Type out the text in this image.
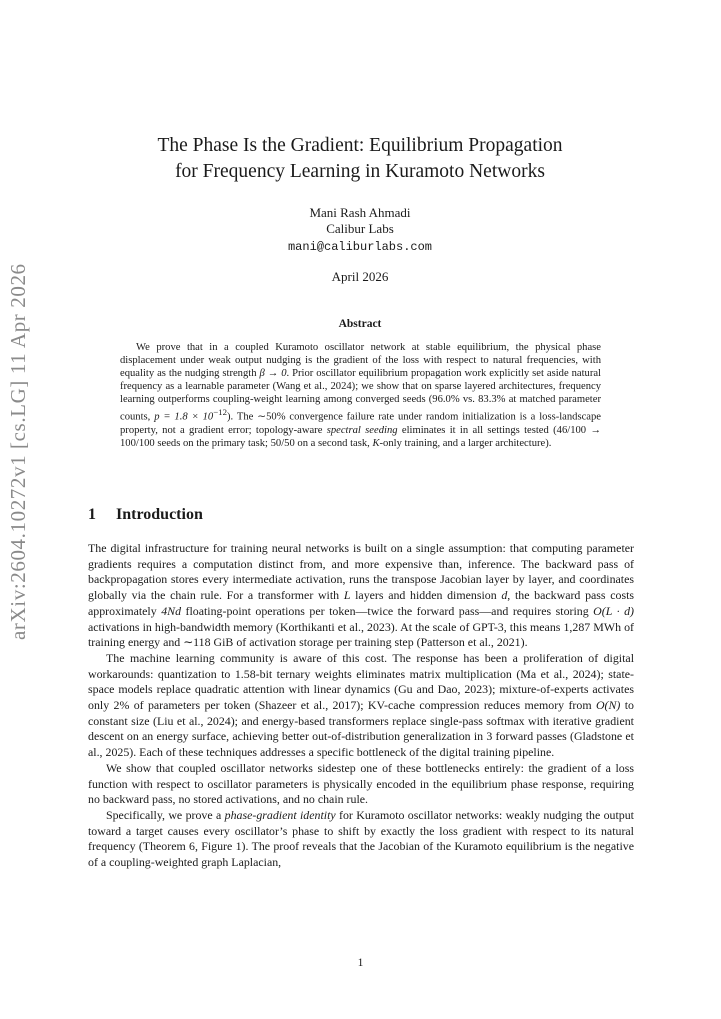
arXiv:2604.10272v1 [cs.LG] 11 Apr 2026
The Phase Is the Gradient: Equilibrium Propagation
for Frequency Learning in Kuramoto Networks
Mani Rash Ahmadi
Calibur Labs
mani@caliburlabs.com
April 2026
Abstract

We prove that in a coupled Kuramoto oscillator network at stable equilibrium, the physical phase displacement under weak output nudging is the gradient of the loss with respect to natural frequencies, with equality as the nudging strength β → 0. Prior oscillator equilibrium propagation work explicitly set aside natural frequency as a learnable parameter (Wang et al., 2024); we show that on sparse layered architectures, frequency learning outperforms coupling-weight learning among converged seeds (96.0% vs. 83.3% at matched parameter counts, $p = 1.8 \times 10^{-12}$). The ∼50% convergence failure rate under random initialization is a loss-landscape property, not a gradient error; topology-aware spectral seeding eliminates it in all settings tested (46/100 → 100/100 seeds on the primary task; 50/50 on a second task, K-only training, and a larger architecture).

1 Introduction

The digital infrastructure for training neural networks is built on a single assumption: that computing parameter gradients requires a computation distinct from, and more expensive than, inference. The backward pass of backpropagation stores every intermediate activation, runs the transpose Jacobian layer by layer, and coordinates globally via the chain rule. For a transformer with L layers and hidden dimension d, the backward pass costs approximately 4Nd floating-point operations per token—twice the forward pass—and requires storing O(L · d) activations in high-bandwidth memory (Korthikanti et al., 2023). At the scale of GPT-3, this means 1,287 MWh of training energy and ∼118 GiB of activation storage per training step (Patterson et al., 2021).

The machine learning community is aware of this cost. The response has been a proliferation of digital workarounds: quantization to 1.58-bit ternary weights eliminates matrix multiplication (Ma et al., 2024); state-space models replace quadratic attention with linear dynamics (Gu and Dao, 2023); mixture-of-experts activates only 2% of parameters per token (Shazeer et al., 2017); KV-cache compression reduces memory from O(N) to constant size (Liu et al., 2024); and energy-based transformers replace single-pass softmax with iterative gradient descent on an energy surface, achieving better out-of-distribution generalization in 3 forward passes (Gladstone et al., 2025). Each of these techniques addresses a specific bottleneck of the digital training pipeline.

We show that coupled oscillator networks sidestep one of these bottlenecks entirely: the gradient of a loss function with respect to oscillator parameters is physically encoded in the equilibrium phase response, requiring no backward pass, no stored activations, and no chain rule.

Specifically, we prove a phase-gradient identity for Kuramoto oscillator networks: weakly nudging the output toward a target causes every oscillator’s phase to shift by exactly the loss gradient with respect to its natural frequency (Theorem 6, Figure 1). The proof reveals that the Jacobian of the Kuramoto equilibrium is the negative of a coupling-weighted graph Laplacian,

1
